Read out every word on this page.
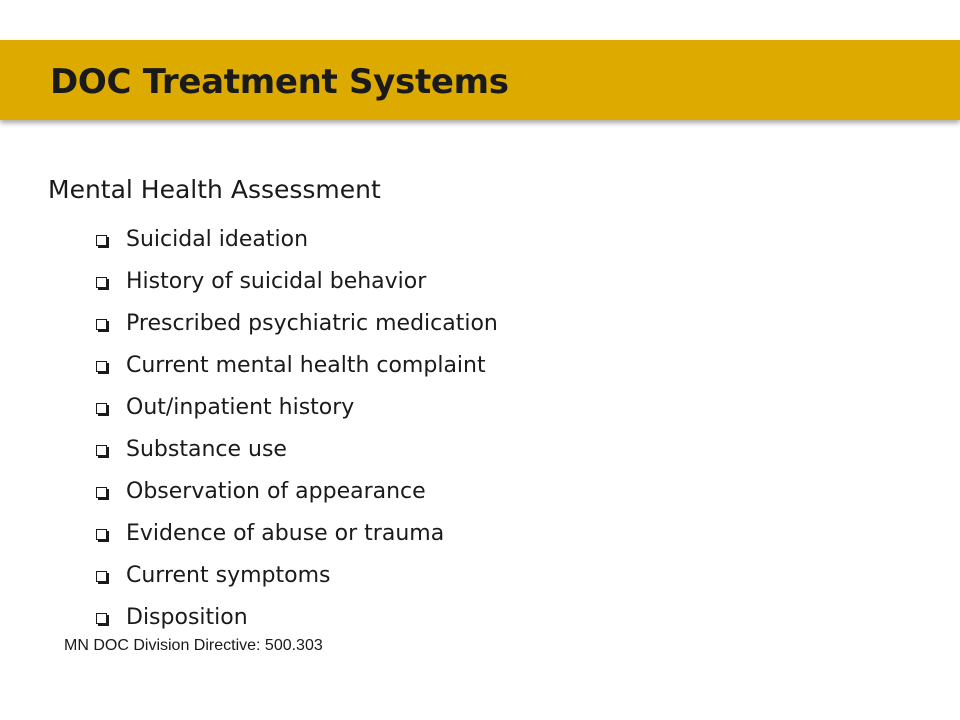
DOC Treatment Systems
Mental Health Assessment
Suicidal ideation
History of suicidal behavior
Prescribed psychiatric medication
Current mental health complaint
Out/inpatient history
Substance use
Observation of appearance
Evidence of abuse or trauma
Current symptoms
Disposition
MN DOC Division Directive: 500.303
